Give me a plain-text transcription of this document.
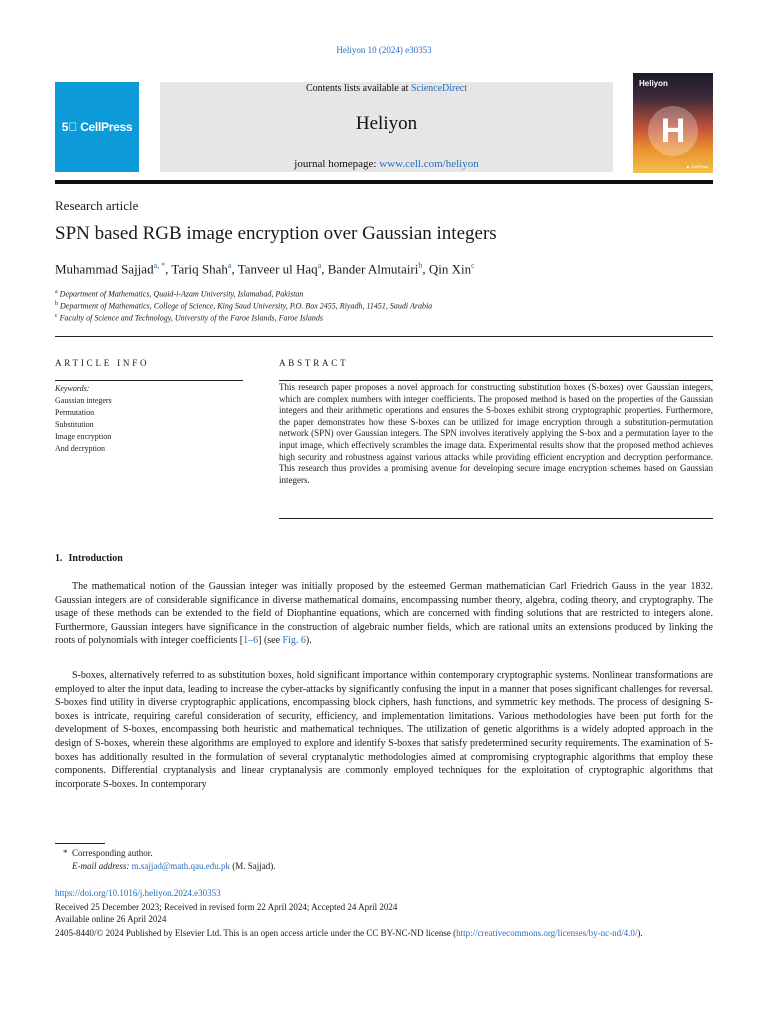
Heliyon 10 (2024) e30353
5⃝ CellPress
Contents lists available at ScienceDirect
Heliyon
journal homepage: www.cell.com/heliyon
Heliyon
H
▲ CellPress
Research article
SPN based RGB image encryption over Gaussian integers
Muhammad Sajjad$^{a, *}$, Tariq Shah$^a$, Tanveer ul Haq$^a$, Bander Almutairi$^b$, Qin Xin$^c$
$^a$ Department of Mathematics, Quaid-i-Azam University, Islamabad, Pakistan
$^b$ Department of Mathematics, College of Science, King Saud University, P.O. Box 2455, Riyadh, 11451, Saudi Arabia
$^c$ Faculty of Science and Technology, University of the Faroe Islands, Faroe Islands
ARTICLE INFO	ABSTRACT
Keywords:
Gaussian integers
Permutation
Substitution
Image encryption
And decryption
This research paper proposes a novel approach for constructing substitution boxes (S-boxes) over Gaussian integers, which are complex numbers with integer coefficients. The proposed method is based on the properties of the Gaussian integers and their arithmetic operations and ensures the S-boxes exhibit strong cryptographic properties. Furthermore, the paper demonstrates how these S-boxes can be utilized for image encryption through a substitution-permutation network (SPN) over Gaussian integers. The SPN involves iteratively applying the S-box and a permutation layer to the input image, which effectively scrambles the image data. Experimental results show that the proposed method achieves high security and robustness against various attacks while providing efficient encryption and decryption performance. This research thus provides a promising avenue for developing secure image encryption schemes based on Gaussian integers.
1. Introduction
The mathematical notion of the Gaussian integer was initially proposed by the esteemed German mathematician Carl Friedrich Gauss in the year 1832. Gaussian integers are of considerable significance in diverse mathematical domains, encompassing number theory, algebra, coding theory, and cryptography. The usage of these methods can be extended to the field of Diophantine equations, which are concerned with finding solutions that are restricted to integers alone. Furthermore, Gaussian integers have significance in the construction of algebraic number fields, which are rational units an extensions produced by linking the roots of polynomials with integer coefficients [1–6] (see Fig. 6).
S-boxes, alternatively referred to as substitution boxes, hold significant importance within contemporary cryptographic systems. Nonlinear transformations are employed to alter the input data, leading to increase the cyber-attacks by significantly confusing the input in a manner that poses significant challenges for reversal. S-boxes find utility in diverse cryptographic applications, encompassing block ciphers, hash functions, and symmetric key methods. The process of designing S-boxes is intricate, requiring careful consideration of security, efficiency, and implementation limitations. Various methodologies have been put forth for the development of S-boxes, encompassing both heuristic and mathematical techniques. The utilization of genetic algorithms is a widely adopted approach in the design of S-boxes, wherein these algorithms are employed to explore and identify S-boxes that satisfy predetermined security requirements. The examination of S-boxes has additionally resulted in the formulation of several cryptanalytic methodologies aimed at compromising cryptographic algorithms that employ these components. Differential cryptanalysis and linear cryptanalysis are commonly employed techniques for the exploitation of cryptographic algorithms that incorporate S-boxes. In contemporary
* Corresponding author.
E-mail address: m.sajjad@math.qau.edu.pk (M. Sajjad).
https://doi.org/10.1016/j.heliyon.2024.e30353
Received 25 December 2023; Received in revised form 22 April 2024; Accepted 24 April 2024
Available online 26 April 2024
2405-8440/© 2024 Published by Elsevier Ltd. This is an open access article under the CC BY-NC-ND license (http://creativecommons.org/licenses/by-nc-nd/4.0/).
